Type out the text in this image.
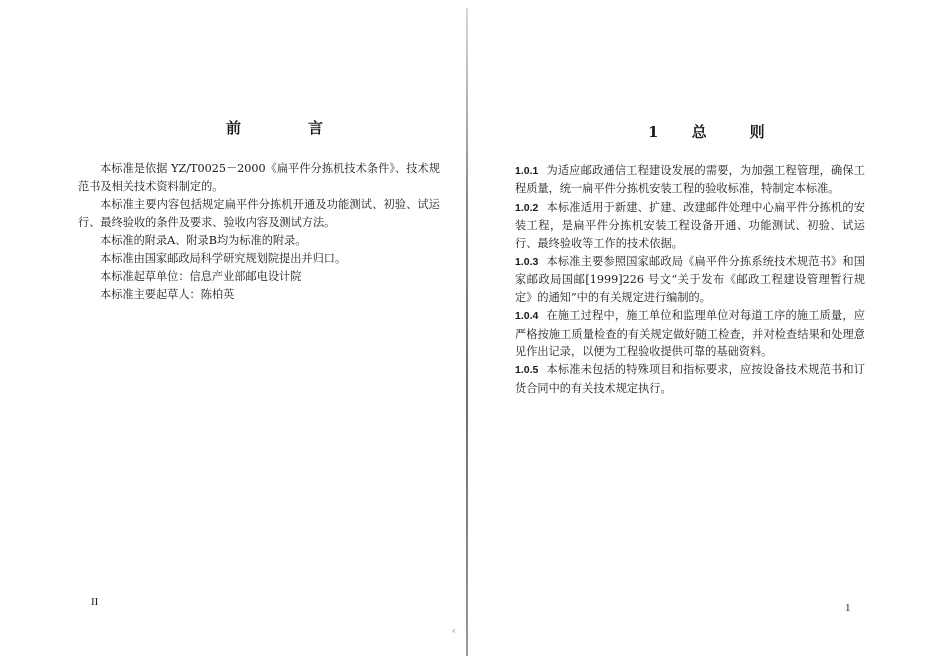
前　言

本标准是依据 YZ/T0025－2000《扁平件分拣机技术条件》、技术规范书及相关技术资料制定的。

本标准主要内容包括规定扁平件分拣机开通及功能测试、初验、试运行、最终验收的条件及要求、验收内容及测试方法。

本标准的附录A、附录B均为标准的附录。

本标准由国家邮政局科学研究规划院提出并归口。

本标准起草单位：信息产业部邮电设计院

本标准主要起草人：陈柏英

II
‹
1 总　则

1.0.1 为适应邮政通信工程建设发展的需要，为加强工程管理，确保工程质量，统一扁平件分拣机安装工程的验收标准，特制定本标准。

1.0.2 本标准适用于新建、扩建、改建邮件处理中心扁平件分拣机的安装工程，是扁平件分拣机安装工程设备开通、功能测试、初验、试运行、最终验收等工作的技术依据。

1.0.3 本标准主要参照国家邮政局《扁平件分拣系统技术规范书》和国家邮政局国邮[1999]226 号文“关于发布《邮政工程建设管理暂行规定》的通知”中的有关规定进行编制的。

1.0.4 在施工过程中，施工单位和监理单位对每道工序的施工质量，应严格按施工质量检查的有关规定做好随工检查，并对检查结果和处理意见作出记录，以便为工程验收提供可靠的基础资料。

1.0.5 本标准未包括的特殊项目和指标要求，应按设备技术规范书和订货合同中的有关技术规定执行。

1
